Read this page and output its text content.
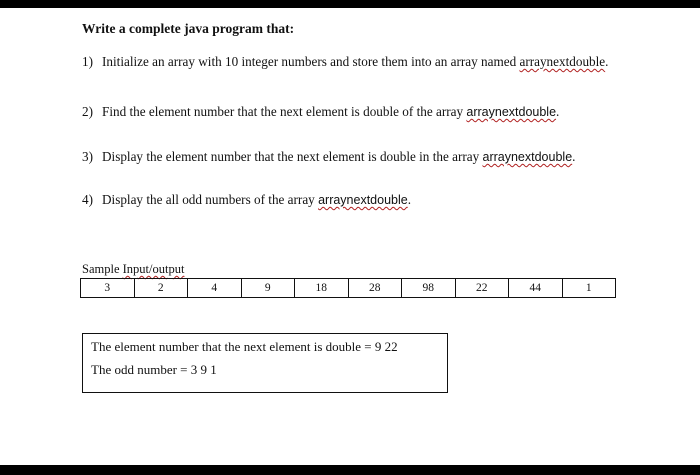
Write a complete java program that:
1) Initialize an array with 10 integer numbers and store them into an array named arraynextdouble.
2) Find the element number that the next element is double of the array arraynextdouble.
3) Display the element number that the next element is double in the array arraynextdouble.
4) Display the all odd numbers of the array arraynextdouble.
Sample Input/output
3	2	4	9	18	28	98	22	44	1
The element number that the next element is double = 9 22
The odd number = 3 9 1
